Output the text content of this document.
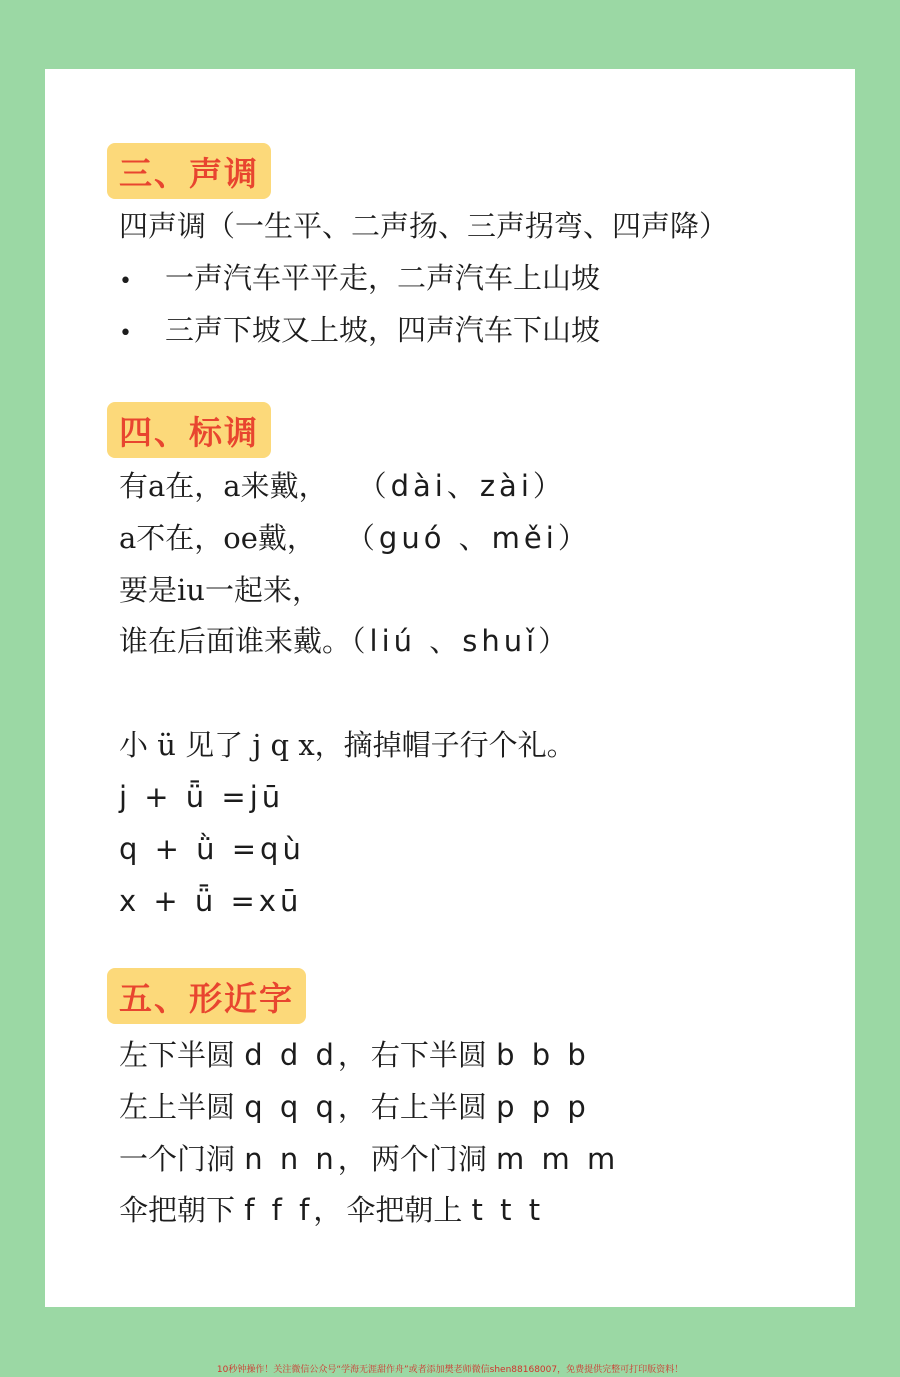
三、声调
四声调（一生平、二声扬、三声拐弯、四声降）
• 一声汽车平平走，二声汽车上山坡
• 三声下坡又上坡，四声汽车下山坡
四、标调
有a在，a来戴， （dài、zài）
a不在，oe戴， （guó 、měi）
要是iu一起来，
谁在后面谁来戴。（liú 、shuǐ）
小 ü 见了 j q x，摘掉帽子行个礼。
j + ǖ =jū
q + ǜ =qù
x + ǖ =xū
五、形近字
左下半圆 d d d，右下半圆 b b b
左上半圆 q q q，右上半圆 p p p
一个门洞 n n n，两个门洞 m m m
伞把朝下 f f f，伞把朝上 t t t
10秒钟操作！关注微信公众号“学海无涯甜作舟”或者添加樊老师微信shen88168007，免费提供完整可打印版资料！
